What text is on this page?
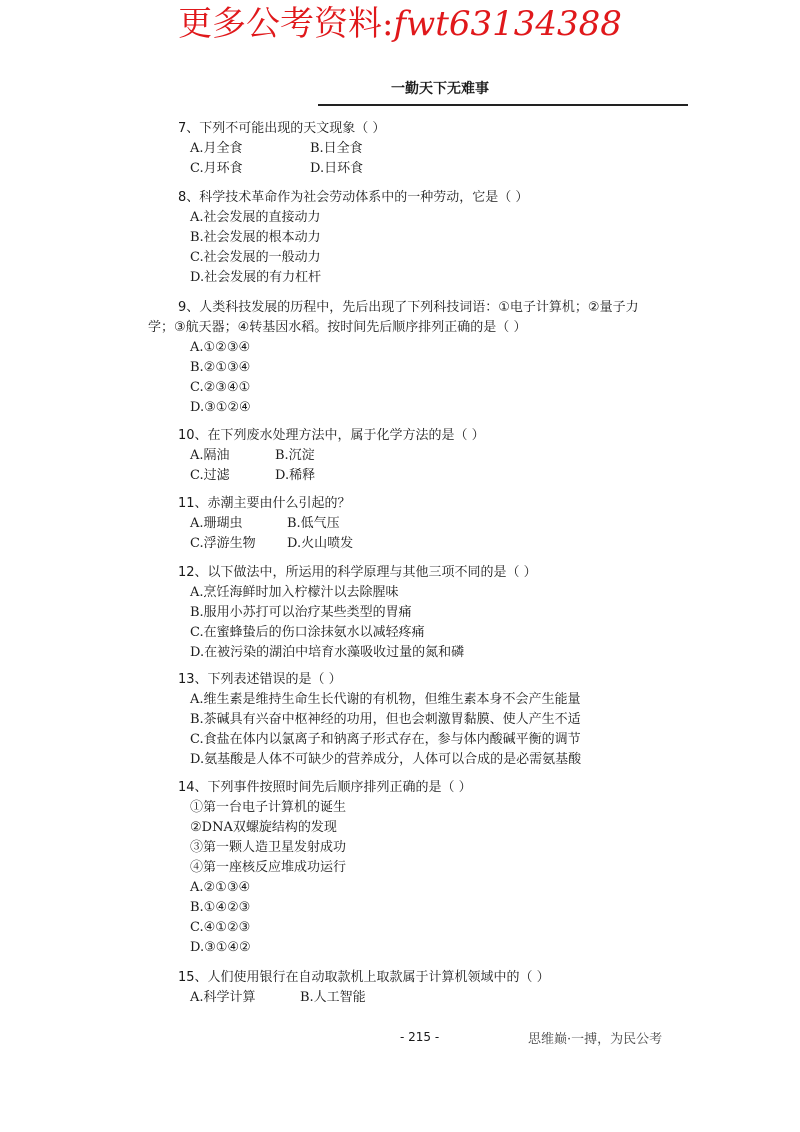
更多公考资料:fwt63134388
一勤天下无难事
7、下列不可能出现的天文现象（ ）
A.月全食	B.日全食
C.月环食	D.日环食
8、科学技术革命作为社会劳动体系中的一种劳动，它是（ ）
A.社会发展的直接动力
B.社会发展的根本动力
C.社会发展的一般动力
D.社会发展的有力杠杆
9、人类科技发展的历程中，先后出现了下列科技词语：①电子计算机；②量子力
学；③航天器；④转基因水稻。按时间先后顺序排列正确的是（ ）
A.①②③④
B.②①③④
C.②③④①
D.③①②④
10、在下列废水处理方法中，属于化学方法的是（ ）
A.隔油	B.沉淀
C.过滤	D.稀释
11、赤潮主要由什么引起的？
A.珊瑚虫	B.低气压
C.浮游生物	D.火山喷发
12、以下做法中，所运用的科学原理与其他三项不同的是（ ）
A.烹饪海鲜时加入柠檬汁以去除腥味
B.服用小苏打可以治疗某些类型的胃痛
C.在蜜蜂蛰后的伤口涂抹氨水以减轻疼痛
D.在被污染的湖泊中培育水藻吸收过量的氮和磷
13、下列表述错误的是（ ）
A.维生素是维持生命生长代谢的有机物，但维生素本身不会产生能量
B.茶碱具有兴奋中枢神经的功用，但也会刺激胃黏膜、使人产生不适
C.食盐在体内以氯离子和钠离子形式存在，参与体内酸碱平衡的调节
D.氨基酸是人体不可缺少的营养成分，人体可以合成的是必需氨基酸
14、下列事件按照时间先后顺序排列正确的是（ ）
①第一台电子计算机的诞生
②DNA双螺旋结构的发现
③第一颗人造卫星发射成功
④第一座核反应堆成功运行
A.②①③④
B.①④②③
C.④①②③
D.③①④②
15、人们使用银行在自动取款机上取款属于计算机领域中的（ ）
A.科学计算	B.人工智能
- 215 -	思维巅·一搏，为民公考
